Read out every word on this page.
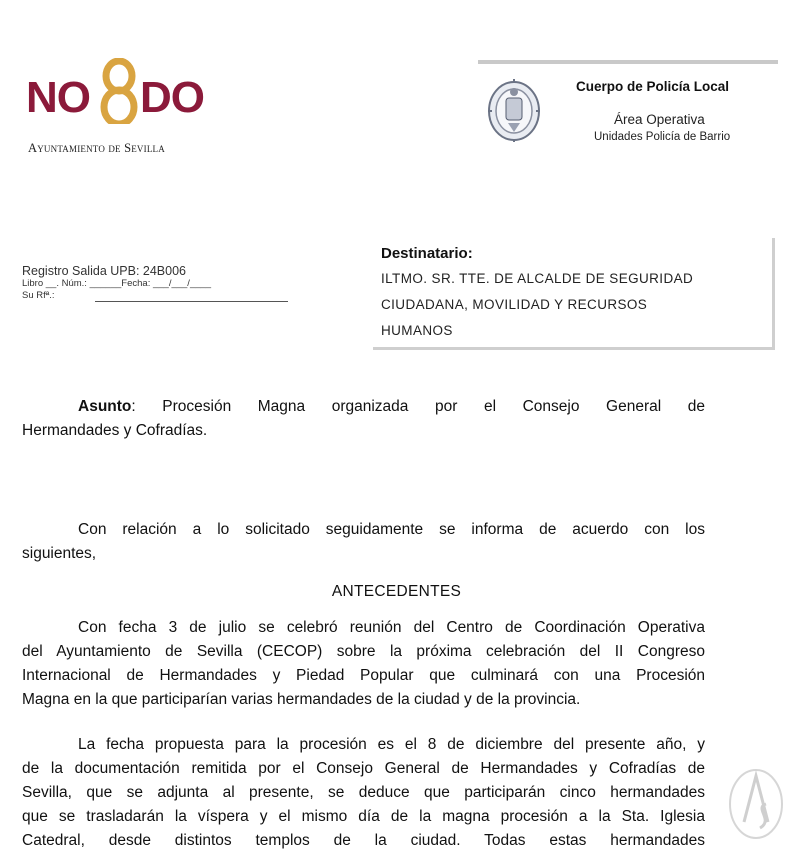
NO DO
Ayuntamiento de Sevilla
Cuerpo de Policía Local
Área Operativa
Unidades Policía de Barrio
Registro Salida UPB: 24B006
Libro __. Núm.: ______Fecha: ___/___/____
Su Rfª.:
Destinatario:
ILTMO. SR. TTE. DE ALCALDE DE SEGURIDAD
CIUDADANA, MOVILIDAD Y RECURSOS
HUMANOS
Asunto: Procesión Magna organizada por el Consejo General de
Hermandades y Cofradías.
Con relación a lo solicitado seguidamente se informa de acuerdo con los
siguientes,
ANTECEDENTES
Con fecha 3 de julio se celebró reunión del Centro de Coordinación Operativa
del Ayuntamiento de Sevilla (CECOP) sobre la próxima celebración del II Congreso
Internacional de Hermandades y Piedad Popular que culminará con una Procesión
Magna en la que participarían varias hermandades de la ciudad y de la provincia.
La fecha propuesta para la procesión es el 8 de diciembre del presente año, y
de la documentación remitida por el Consejo General de Hermandades y Cofradías de
Sevilla, que se adjunta al presente, se deduce que participarán cinco hermandades
que se trasladarán la víspera y el mismo día de la magna procesión a la Sta. Iglesia
Catedral, desde distintos templos de la ciudad. Todas estas hermandades
